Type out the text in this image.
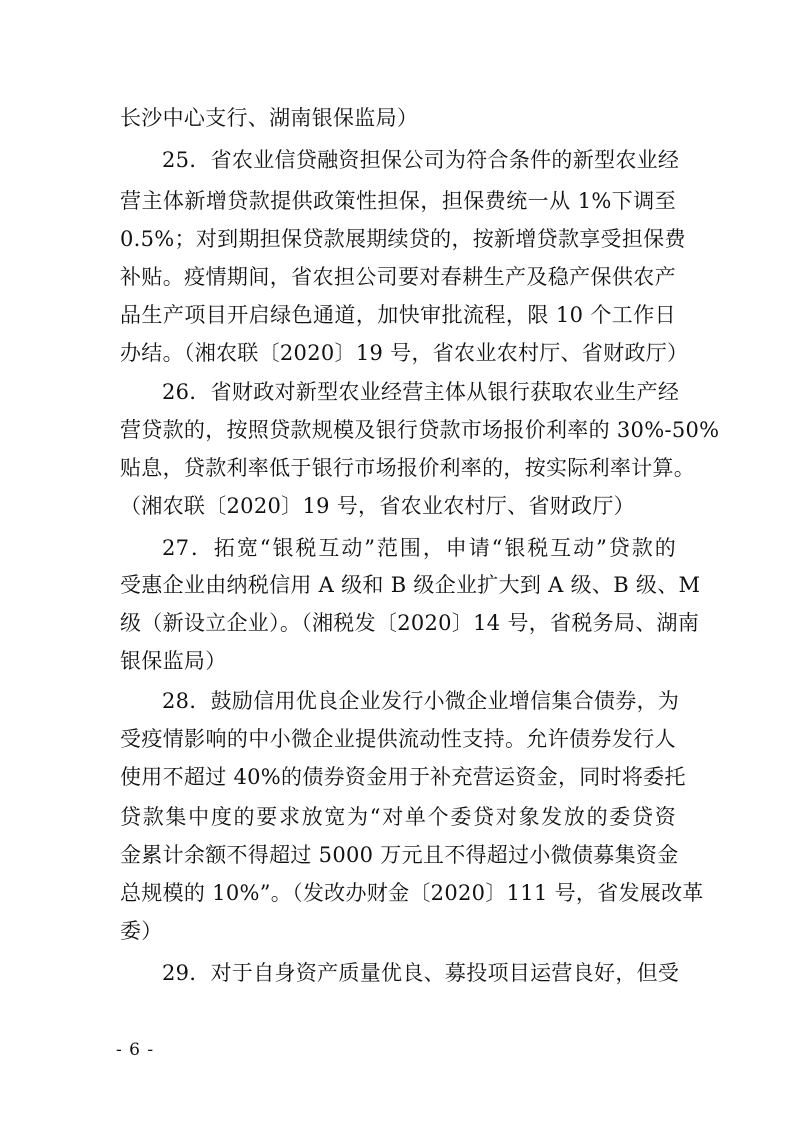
长沙中心支行、湖南银保监局）
25．省农业信贷融资担保公司为符合条件的新型农业经
营主体新增贷款提供政策性担保，担保费统一从 1%下调至
0.5%；对到期担保贷款展期续贷的，按新增贷款享受担保费
补贴。疫情期间，省农担公司要对春耕生产及稳产保供农产
品生产项目开启绿色通道，加快审批流程，限 10 个工作日
办结。（湘农联〔2020〕19 号，省农业农村厅、省财政厅）
26．省财政对新型农业经营主体从银行获取农业生产经
营贷款的，按照贷款规模及银行贷款市场报价利率的 30%-50%
贴息，贷款利率低于银行市场报价利率的，按实际利率计算。
（湘农联〔2020〕19 号，省农业农村厅、省财政厅）
27．拓宽“银税互动”范围，申请“银税互动”贷款的
受惠企业由纳税信用 A 级和 B 级企业扩大到 A 级、B 级、M
级（新设立企业）。（湘税发〔2020〕14 号，省税务局、湖南
银保监局）
28．鼓励信用优良企业发行小微企业增信集合债券，为
受疫情影响的中小微企业提供流动性支持。允许债券发行人
使用不超过 40%的债券资金用于补充营运资金，同时将委托
贷款集中度的要求放宽为“对单个委贷对象发放的委贷资
金累计余额不得超过 5000 万元且不得超过小微债募集资金
总规模的 10%”。（发改办财金〔2020〕111 号，省发展改革
委）
29．对于自身资产质量优良、募投项目运营良好，但受
- 6 -
